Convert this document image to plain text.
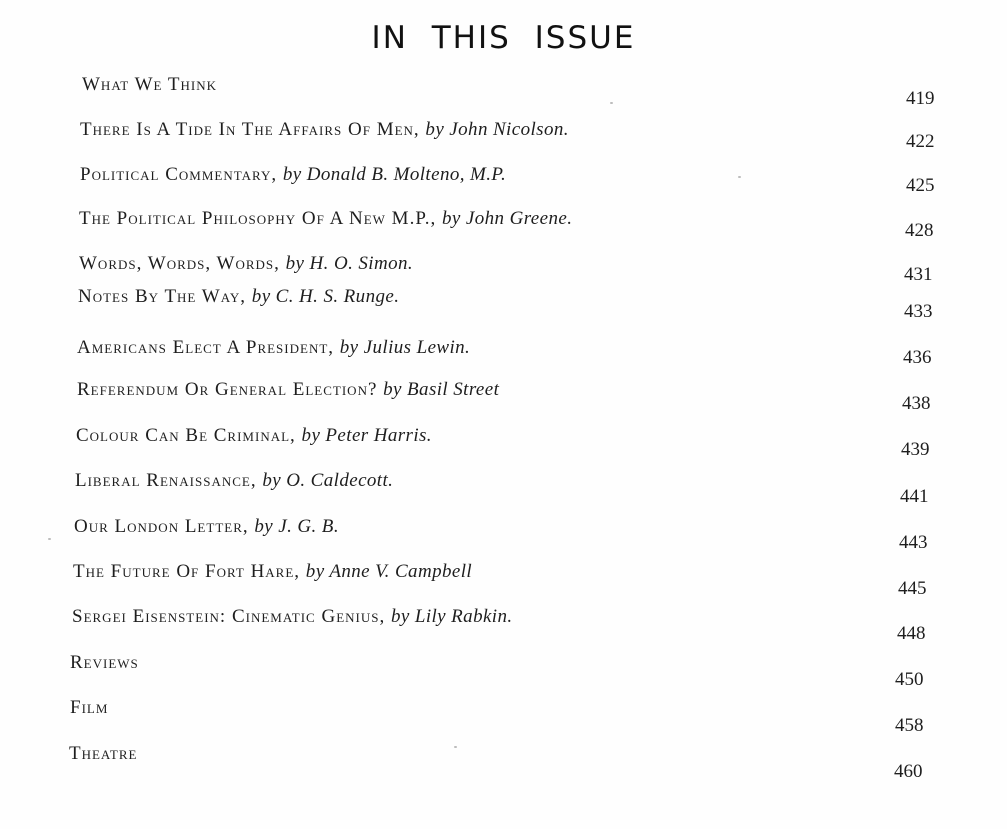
IN THIS ISSUE
What We Think
419
There Is A Tide In The Affairs Of Men, by John Nicolson.
422
Political Commentary, by Donald B. Molteno, M.P.
425
The Political Philosophy Of A New M.P., by John Greene.
428
Words, Words, Words, by H. O. Simon.
431
Notes By The Way, by C. H. S. Runge.
433
Americans Elect A President, by Julius Lewin.	436
Referendum Or General Election? by Basil Street
438
Colour Can Be Criminal, by Peter Harris.
439
Liberal Renaissance, by O. Caldecott.
441
Our London Letter, by J. G. B.
443
The Future Of Fort Hare, by Anne V. Campbell
445
Sergei Eisenstein: Cinematic Genius, by Lily Rabkin.
448
Reviews
450
Film
458
Theatre
460
